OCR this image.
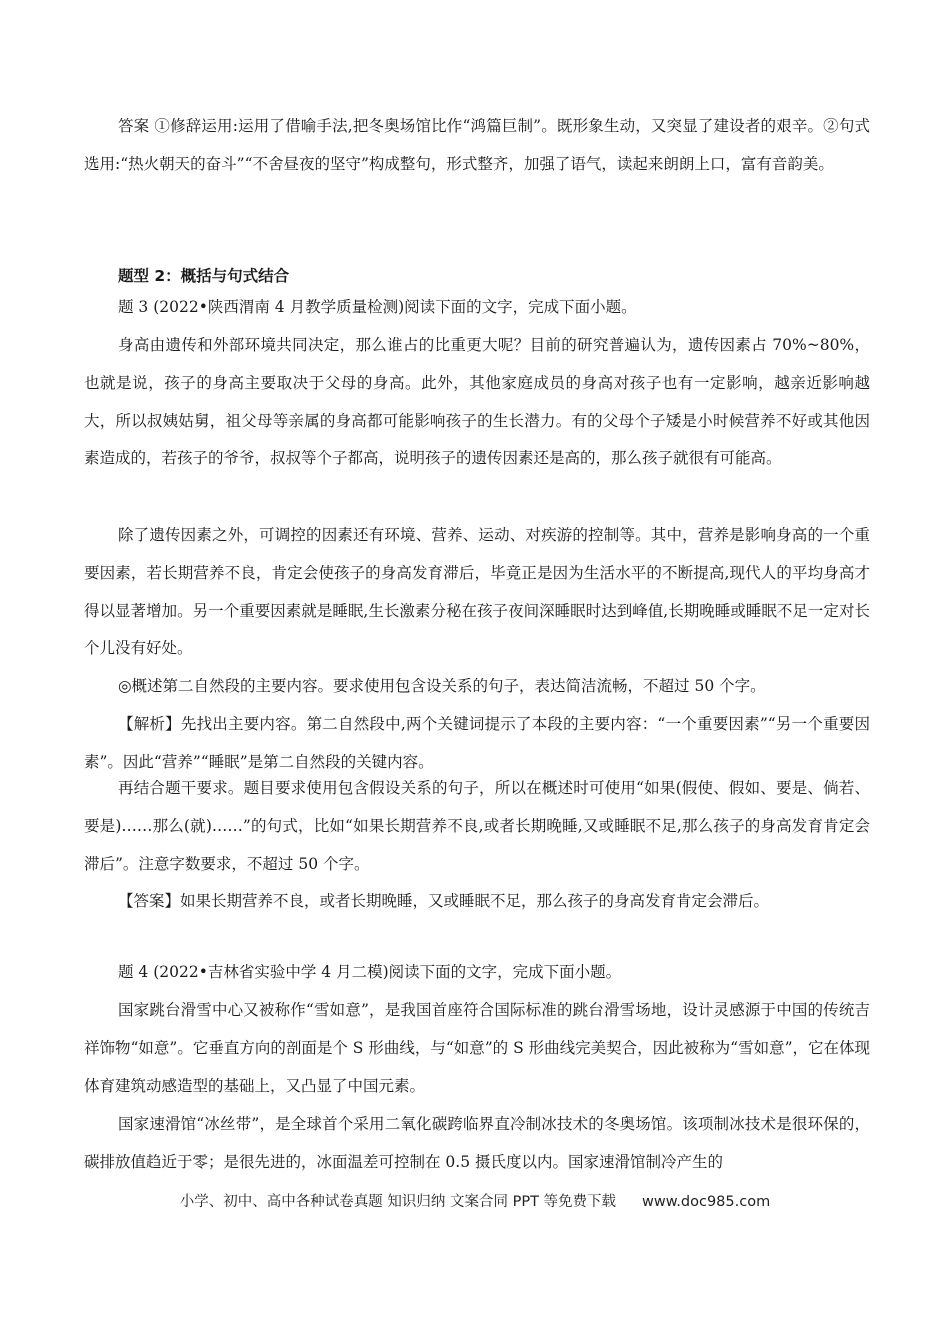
答案 ①修辞运用:运用了借喻手法,把冬奥场馆比作“鸿篇巨制”。既形象生动，又突显了建设者的艰辛。②句式选用:“热火朝天的奋斗”“不舍昼夜的坚守”构成整句，形式整齐，加强了语气，读起来朗朗上口，富有音韵美。

题型 2：概括与句式结合

题 3 (2022•陕西渭南 4 月教学质量检测)阅读下面的文字，完成下面小题。

身高由遗传和外部环境共同决定，那么谁占的比重更大呢？目前的研究普遍认为，遗传因素占 70%~80%，也就是说，孩子的身高主要取决于父母的身高。此外，其他家庭成员的身高对孩子也有一定影响，越亲近影响越大，所以叔姨姑舅，祖父母等亲属的身高都可能影响孩子的生长潜力。有的父母个子矮是小时候营养不好或其他因素造成的，若孩子的爷爷，叔叔等个子都高，说明孩子的遗传因素还是高的，那么孩子就很有可能高。

除了遗传因素之外，可调控的因素还有环境、营养、运动、对疾游的控制等。其中，营养是影响身高的一个重要因素，若长期营养不良，肯定会使孩子的身高发育滞后，毕竟正是因为生活水平的不断提高,现代人的平均身高才得以显著增加。另一个重要因素就是睡眠,生长激素分秘在孩子夜间深睡眠时达到峰值,长期晚睡或睡眠不足一定对长个儿没有好处。

◎概述第二自然段的主要内容。要求使用包含设关系的句子，表达简洁流畅，不超过 50 个字。

【解析】先找出主要内容。第二自然段中,两个关键词提示了本段的主要内容：“一个重要因素”“另一个重要因素”。因此“营养”“睡眠”是第二自然段的关键内容。

再结合题干要求。题目要求使用包含假设关系的句子，所以在概述时可使用“如果(假使、假如、要是、倘若、要是)……那么(就)……”的句式，比如“如果长期营养不良,或者长期晚睡,又或睡眠不足,那么孩子的身高发育肯定会滞后”。注意字数要求，不超过 50 个字。

【答案】如果长期营养不良，或者长期晚睡，又或睡眠不足，那么孩子的身高发育肯定会滞后。

题 4 (2022•吉林省实验中学 4 月二模)阅读下面的文字，完成下面小题。

国家跳台滑雪中心又被称作“雪如意”，是我国首座符合国际标准的跳台滑雪场地，设计灵感源于中国的传统吉祥饰物“如意”。它垂直方向的剖面是个 S 形曲线，与“如意”的 S 形曲线完美契合，因此被称为“雪如意”，它在体现体育建筑动感造型的基础上，又凸显了中国元素。

国家速滑馆“冰丝带”，是全球首个采用二氧化碳跨临界直冷制冰技术的冬奥场馆。该项制冰技术是很环保的，碳排放值趋近于零；是很先进的，冰面温差可控制在 0.5 摄氏度以内。国家速滑馆制冷产生的

小学、初中、高中各种试卷真题 知识归纳 文案合同 PPT 等免费下载 www.doc985.com
